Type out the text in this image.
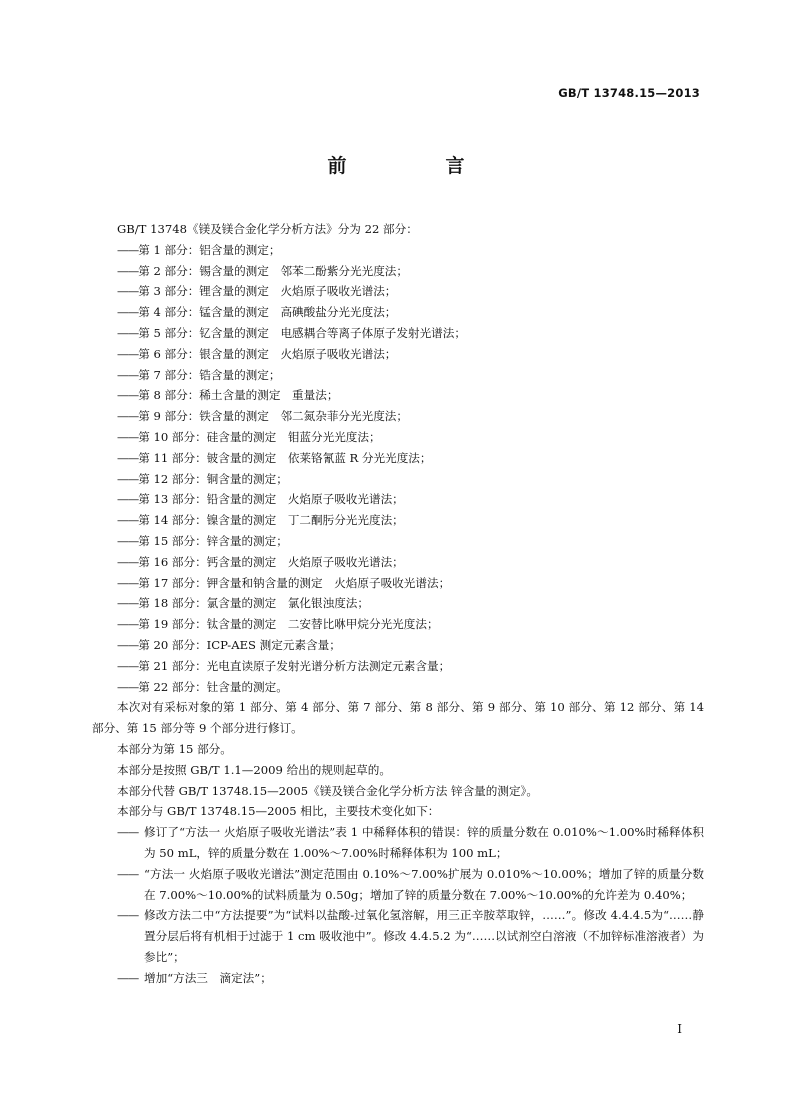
GB/T 13748.15—2013
前　言
GB/T 13748《镁及镁合金化学分析方法》分为 22 部分：
——第 1 部分：铝含量的测定；
——第 2 部分：锡含量的测定　邻苯二酚紫分光光度法；
——第 3 部分：锂含量的测定　火焰原子吸收光谱法；
——第 4 部分：锰含量的测定　高碘酸盐分光光度法；
——第 5 部分：钇含量的测定　电感耦合等离子体原子发射光谱法；
——第 6 部分：银含量的测定　火焰原子吸收光谱法；
——第 7 部分：锆含量的测定；
——第 8 部分：稀土含量的测定　重量法；
——第 9 部分：铁含量的测定　邻二氮杂菲分光光度法；
——第 10 部分：硅含量的测定　钼蓝分光光度法；
——第 11 部分：铍含量的测定　依莱铬氰蓝 R 分光光度法；
——第 12 部分：铜含量的测定；
——第 13 部分：铅含量的测定　火焰原子吸收光谱法；
——第 14 部分：镍含量的测定　丁二酮肟分光光度法；
——第 15 部分：锌含量的测定；
——第 16 部分：钙含量的测定　火焰原子吸收光谱法；
——第 17 部分：钾含量和钠含量的测定　火焰原子吸收光谱法；
——第 18 部分：氯含量的测定　氯化银浊度法；
——第 19 部分：钛含量的测定　二安替比咻甲烷分光光度法；
——第 20 部分：ICP-AES 测定元素含量；
——第 21 部分：光电直读原子发射光谱分析方法测定元素含量；
——第 22 部分：钍含量的测定。
本次对有采标对象的第 1 部分、第 4 部分、第 7 部分、第 8 部分、第 9 部分、第 10 部分、第 12 部分、第 14 部分、第 15 部分等 9 个部分进行修订。
本部分为第 15 部分。
本部分是按照 GB/T 1.1—2009 给出的规则起草的。
本部分代替 GB/T 13748.15—2005《镁及镁合金化学分析方法 锌含量的测定》。
本部分与 GB/T 13748.15—2005 相比，主要技术变化如下：
—— 修订了“方法一 火焰原子吸收光谱法”表 1 中稀释体积的错误：锌的质量分数在 0.010%～1.00%时稀释体积为 50 mL，锌的质量分数在 1.00%～7.00%时稀释体积为 100 mL；
—— “方法一 火焰原子吸收光谱法”测定范围由 0.10%～7.00%扩展为 0.010%～10.00%；增加了锌的质量分数在 7.00%～10.00%的试料质量为 0.50g；增加了锌的质量分数在 7.00%～10.00%的允许差为 0.40%；
—— 修改方法二中“方法提要”为“试料以盐酸-过氧化氢溶解，用三正辛胺萃取锌，……”。修改 4.4.4.5为“……静置分层后将有机相于过滤于 1 cm 吸收池中”。修改 4.4.5.2 为“……以试剂空白溶液（不加锌标准溶液者）为参比”；
—— 增加“方法三　滴定法”；
I
